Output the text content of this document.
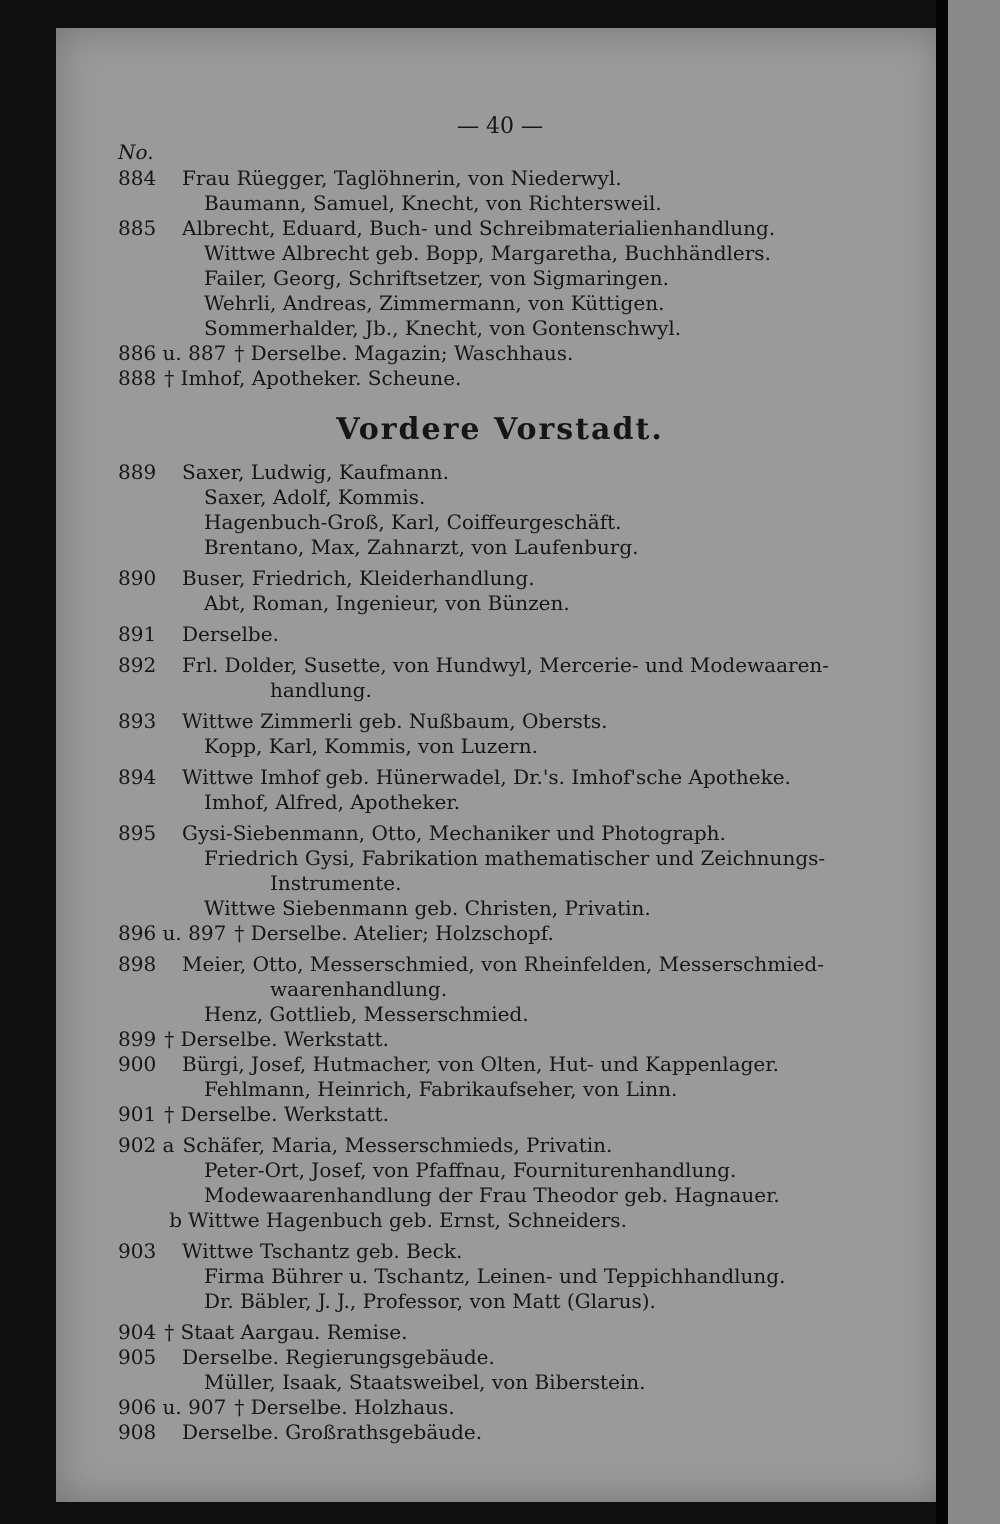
— 40 —
No.
884	Frau Rüegger, Taglöhnerin, von Niederwyl.
Baumann, Samuel, Knecht, von Richtersweil.
885	Albrecht, Eduard, Buch- und Schreibmaterialienhandlung.
Wittwe Albrecht geb. Bopp, Margaretha, Buchhändlers.
Failer, Georg, Schriftsetzer, von Sigmaringen.
Wehrli, Andreas, Zimmermann, von Küttigen.
Sommerhalder, Jb., Knecht, von Gontenschwyl.
886 u. 887 † Derselbe. Magazin; Waschhaus.
888 † Imhof, Apotheker. Scheune.
Vordere Vorstadt.
889	Saxer, Ludwig, Kaufmann.
Saxer, Adolf, Kommis.
Hagenbuch-Groß, Karl, Coiffeurgeschäft.
Brentano, Max, Zahnarzt, von Laufenburg.
890	Buser, Friedrich, Kleiderhandlung.
Abt, Roman, Ingenieur, von Bünzen.
891	Derselbe.
892	Frl. Dolder, Susette, von Hundwyl, Mercerie- und Modewaaren-
handlung.
893	Wittwe Zimmerli geb. Nußbaum, Obersts.
Kopp, Karl, Kommis, von Luzern.
894	Wittwe Imhof geb. Hünerwadel, Dr.'s. Imhof'sche Apotheke.
Imhof, Alfred, Apotheker.
895	Gysi-Siebenmann, Otto, Mechaniker und Photograph.
Friedrich Gysi, Fabrikation mathematischer und Zeichnungs-
Instrumente.
Wittwe Siebenmann geb. Christen, Privatin.
896 u. 897 † Derselbe. Atelier; Holzschopf.
898	Meier, Otto, Messerschmied, von Rheinfelden, Messerschmied-
waarenhandlung.
Henz, Gottlieb, Messerschmied.
899 † Derselbe. Werkstatt.
900	Bürgi, Josef, Hutmacher, von Olten, Hut- und Kappenlager.
Fehlmann, Heinrich, Fabrikaufseher, von Linn.
901 † Derselbe. Werkstatt.
902 a Schäfer, Maria, Messerschmieds, Privatin.
Peter-Ort, Josef, von Pfaffnau, Fourniturenhandlung.
Modewaarenhandlung der Frau Theodor geb. Hagnauer.
b Wittwe Hagenbuch geb. Ernst, Schneiders.
903	Wittwe Tschantz geb. Beck.
Firma Bührer u. Tschantz, Leinen- und Teppichhandlung.
Dr. Bäbler, J. J., Professor, von Matt (Glarus).
904 † Staat Aargau. Remise.
905	Derselbe. Regierungsgebäude.
Müller, Isaak, Staatsweibel, von Biberstein.
906 u. 907 † Derselbe. Holzhaus.
908	Derselbe. Großrathsgebäude.
